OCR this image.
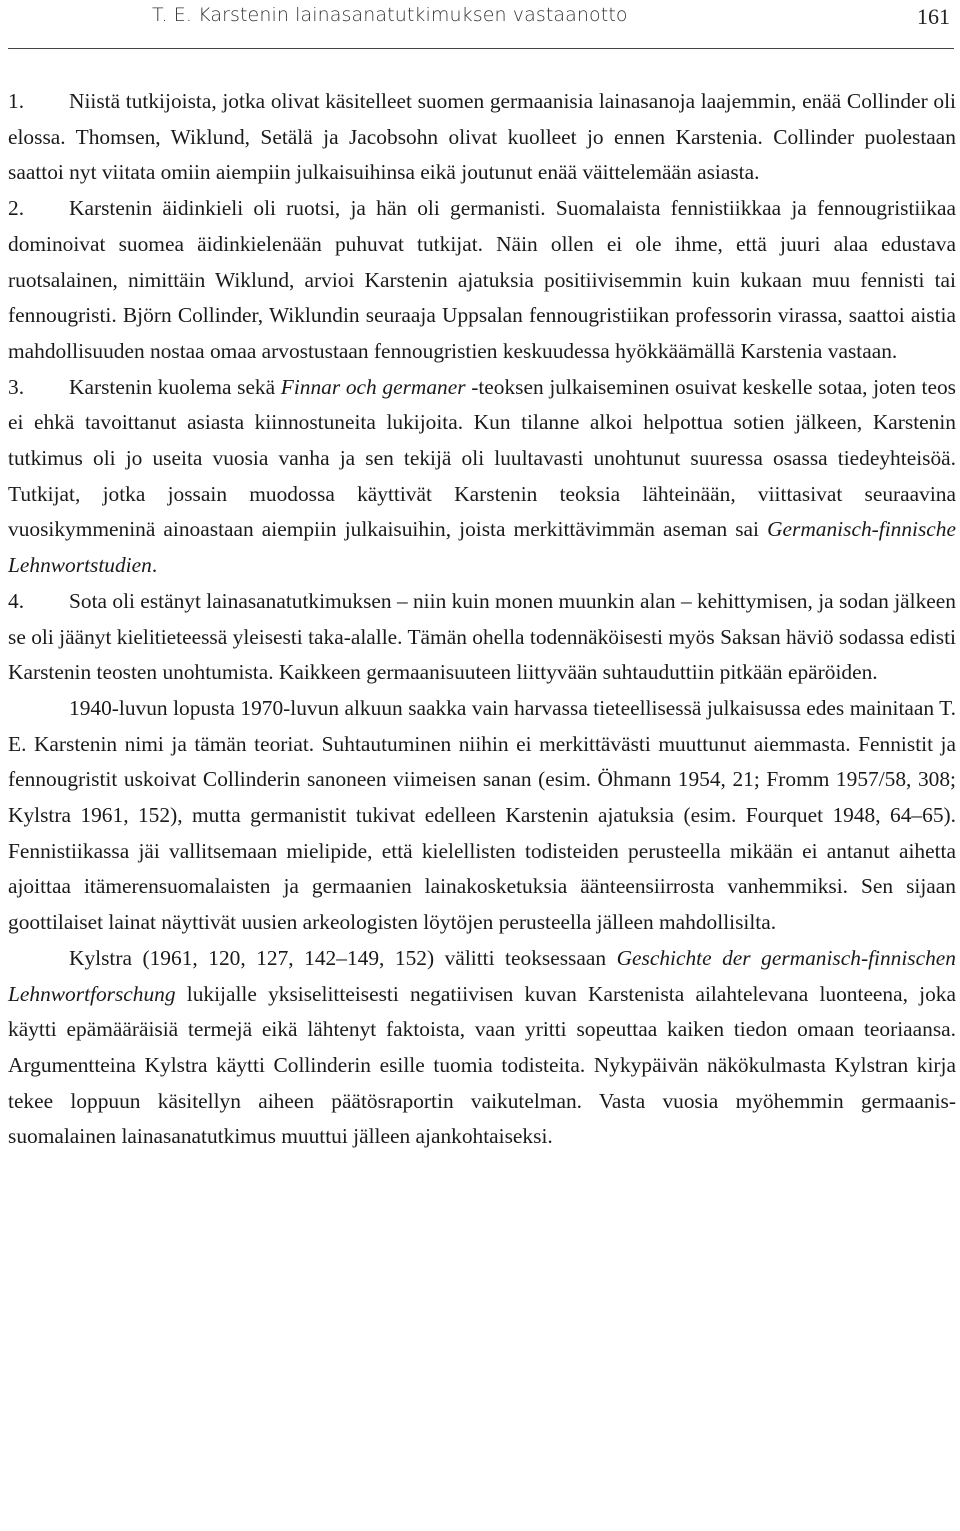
T. E. Karstenin lainasanatutkimuksen vastaanotto	161

1. Niistä tutkijoista, jotka olivat käsitelleet suomen germaanisia lainasanoja laajemmin, enää Collinder oli elossa. Thomsen, Wiklund, Setälä ja Jacobsohn olivat kuolleet jo ennen Karstenia. Collinder puolestaan saattoi nyt viitata omiin aiempiin julkaisuihinsa eikä joutunut enää väittelemään asiasta.

2. Karstenin äidinkieli oli ruotsi, ja hän oli germanisti. Suomalaista fennistiikkaa ja fennougristiikaa dominoivat suomea äidinkielenään puhuvat tutkijat. Näin ollen ei ole ihme, että juuri alaa edustava ruotsalainen, nimittäin Wiklund, arvioi Karstenin ajatuksia positiivisemmin kuin kukaan muu fennisti tai fennougristi. Björn Collinder, Wiklundin seuraaja Uppsalan fennougristiikan professorin virassa, saattoi aistia mahdollisuuden nostaa omaa arvostustaan fennougristien keskuudessa hyökkäämällä Karstenia vastaan.

3. Karstenin kuolema sekä Finnar och germaner -teoksen julkaiseminen osuivat keskelle sotaa, joten teos ei ehkä tavoittanut asiasta kiinnostuneita lukijoita. Kun tilanne alkoi helpottua sotien jälkeen, Karstenin tutkimus oli jo useita vuosia vanha ja sen tekijä oli luultavasti unohtunut suuressa osassa tiedeyhteisöä. Tutkijat, jotka jossain muodossa käyttivät Karstenin teoksia lähteinään, viittasivat seuraavina vuosikymmeninä ainoastaan aiempiin julkaisuihin, joista merkittävimmän aseman sai Germanisch-finnische Lehnwortstudien.

4. Sota oli estänyt lainasanatutkimuksen – niin kuin monen muunkin alan – kehittymisen, ja sodan jälkeen se oli jäänyt kielitieteessä yleisesti taka-alalle. Tämän ohella todennäköisesti myös Saksan häviö sodassa edisti Karstenin teosten unohtumista. Kaikkeen germaanisuuteen liittyvään suhtauduttiin pitkään epäröiden.

1940-luvun lopusta 1970-luvun alkuun saakka vain harvassa tieteellisessä julkaisussa edes mainitaan T. E. Karstenin nimi ja tämän teoriat. Suhtautuminen niihin ei merkittävästi muuttunut aiemmasta. Fennistit ja fennougristit uskoivat Collinderin sanoneen viimeisen sanan (esim. Öhmann 1954, 21; Fromm 1957/58, 308; Kylstra 1961, 152), mutta germanistit tukivat edelleen Karstenin ajatuksia (esim. Fourquet 1948, 64–65). Fennistiikassa jäi vallitsemaan mielipide, että kielellisten todisteiden perusteella mikään ei antanut aihetta ajoittaa itämerensuomalaisten ja germaanien lainakosketuksia äänteensiirrosta vanhemmiksi. Sen sijaan goottilaiset lainat näyttivät uusien arkeologisten löytöjen perusteella jälleen mahdollisilta.

Kylstra (1961, 120, 127, 142–149, 152) välitti teoksessaan Geschichte der germanisch-finnischen Lehnwortforschung lukijalle yksiselitteisesti negatiivisen kuvan Karstenista ailahtelevana luonteena, joka käytti epämääräisiä termejä eikä lähtenyt faktoista, vaan yritti sopeuttaa kaiken tiedon omaan teoriaansa. Argumentteina Kylstra käytti Collinderin esille tuomia todisteita. Nykypäivän näkökulmasta Kylstran kirja tekee loppuun käsitellyn aiheen päätösraportin vaikutelman. Vasta vuosia myöhemmin germaanis-suomalainen lainasanatutkimus muuttui jälleen ajankohtaiseksi.
